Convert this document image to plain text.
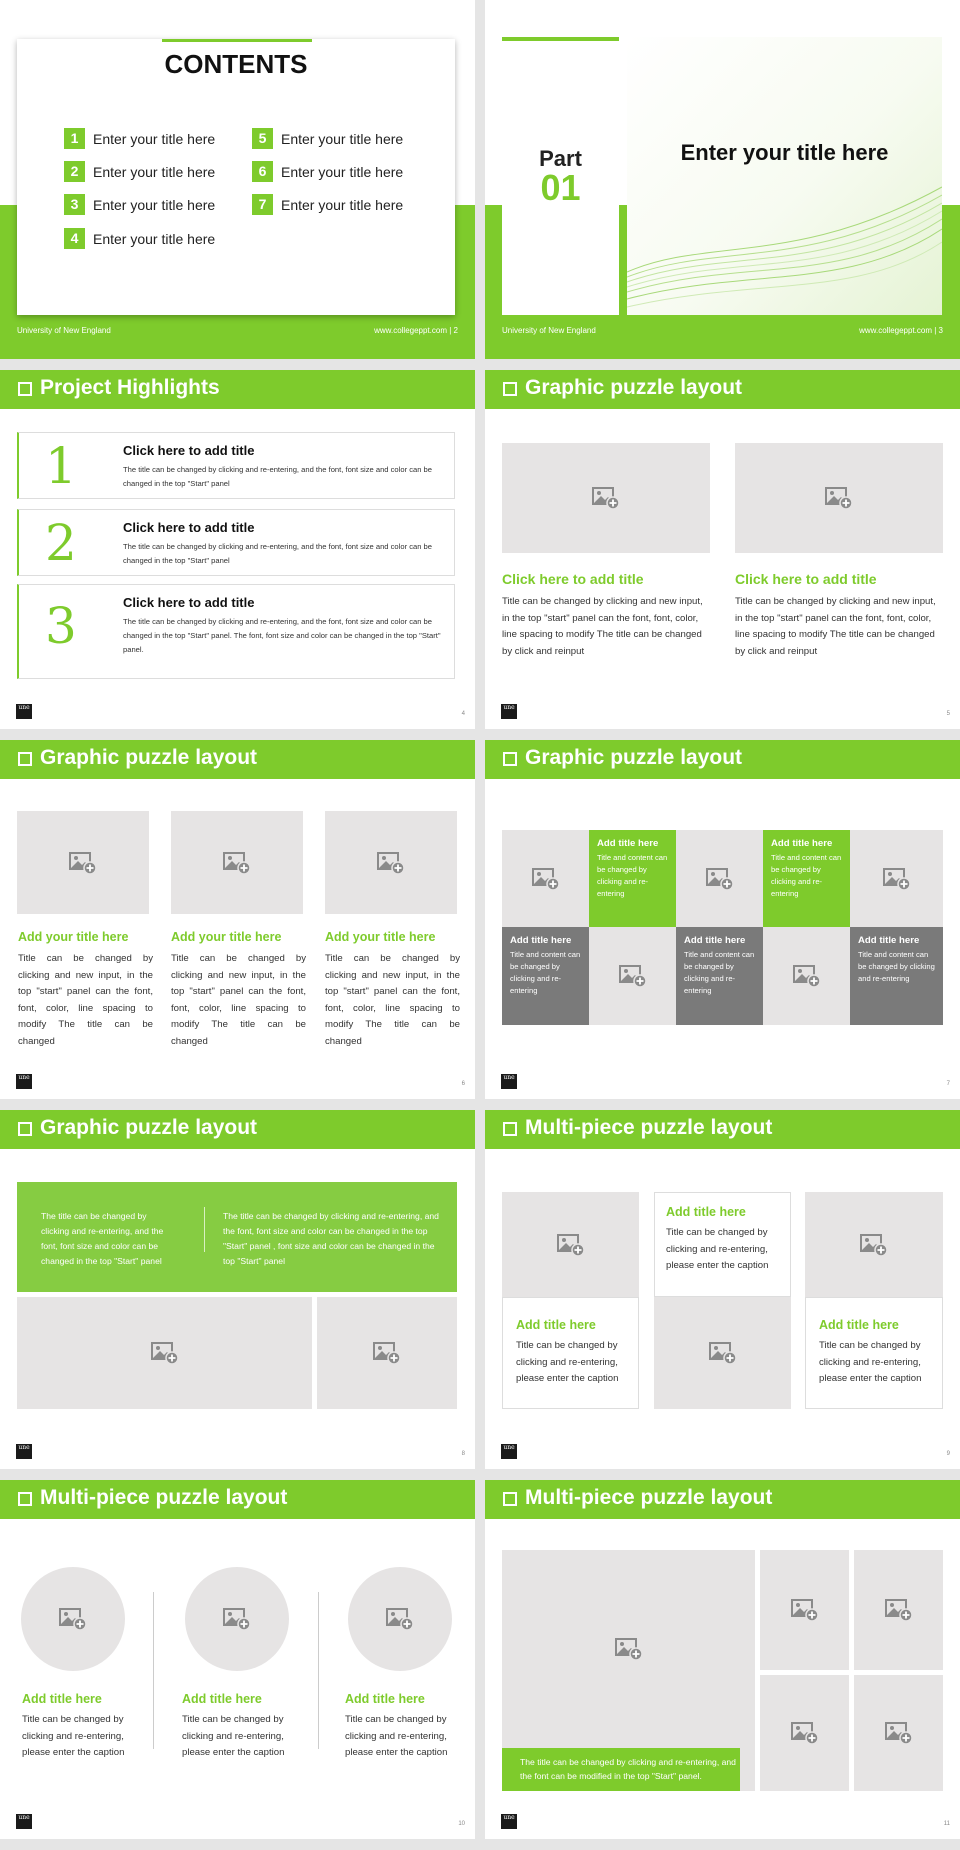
CONTENTS
1	Enter your title here
2	Enter your title here
3	Enter your title here
4	Enter your title here
5	Enter your title here
6	Enter your title here
7	Enter your title here
University of New England	www.collegeppt.com | 2
Part
01
Enter your title here
University of New England	www.collegeppt.com | 3
Project Highlights
1	Click here to add title
The title can be changed by clicking and re-entering, and the font, font size and color can be changed in the top "Start" panel
2	Click here to add title
The title can be changed by clicking and re-entering, and the font, font size and color can be changed in the top "Start" panel
3	Click here to add title
The title can be changed by clicking and re-entering, and the font, font size and color can be changed in the top "Start" panel. The font, font size and color can be changed in the top "Start" panel.
une
4
Graphic puzzle layout
Click here to add title
Title can be changed by clicking and new input, in the top "start" panel can the font, font, color, line spacing to modify The title can be changed by click and reinput
Click here to add title
Title can be changed by clicking and new input, in the top "start" panel can the font, font, color, line spacing to modify The title can be changed by click and reinput
une
5
Graphic puzzle layout
Add your title here
Title can be changed by clicking and new input, in the top "start" panel can the font, font, color, line spacing to modify The title can be changed
Add your title here
Title can be changed by clicking and new input, in the top "start" panel can the font, font, color, line spacing to modify The title can be changed
Add your title here
Title can be changed by clicking and new input, in the top "start" panel can the font, font, color, line spacing to modify The title can be changed
une
6
Graphic puzzle layout
Add title here
Title and content can be changed by clicking and re-entering
Add title here
Title and content can be changed by clicking and re-entering
Add title here
Title and content can be changed by clicking and re-entering
Add title here
Title and content can be changed by clicking and re-entering
Add title here
Title and content can be changed by clicking and re-entering
une
7
Graphic puzzle layout
The title can be changed by clicking and re-entering, and the font, font size and color can be changed in the top "Start" panel
The title can be changed by clicking and re-entering, and the font, font size and color can be changed in the top "Start" panel , font size and color can be changed in the top "Start" panel
une
8
Multi-piece puzzle layout
Add title here
Title can be changed by clicking and re-entering, please enter the caption
Add title here
Title can be changed by clicking and re-entering, please enter the caption
Add title here
Title can be changed by clicking and re-entering, please enter the caption
une
9
Multi-piece puzzle layout
Add title here
Title can be changed by clicking and re-entering, please enter the caption
Add title here
Title can be changed by clicking and re-entering, please enter the caption
Add title here
Title can be changed by clicking and re-entering, please enter the caption
une
10
Multi-piece puzzle layout
The title can be changed by clicking and re-entering, and the font can be modified in the top "Start" panel.
une
11
